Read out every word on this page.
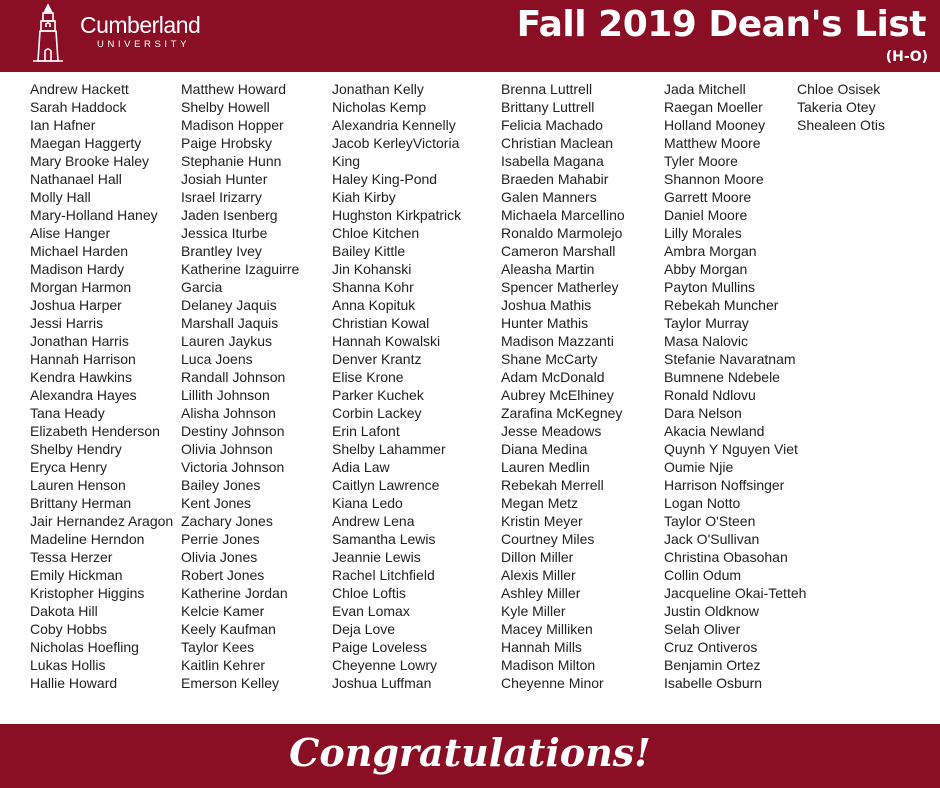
Cumberland
UNIVERSITY	Fall 2019 Dean's List
(H-O)
Andrew Hackett
Sarah Haddock
Ian Hafner
Maegan Haggerty
Mary Brooke Haley
Nathanael Hall
Molly Hall
Mary-Holland Haney
Alise Hanger
Michael Harden
Madison Hardy
Morgan Harmon
Joshua Harper
Jessi Harris
Jonathan Harris
Hannah Harrison
Kendra Hawkins
Alexandra Hayes
Tana Heady
Elizabeth Henderson
Shelby Hendry
Eryca Henry
Lauren Henson
Brittany Herman
Jair Hernandez Aragon
Madeline Herndon
Tessa Herzer
Emily Hickman
Kristopher Higgins
Dakota Hill
Coby Hobbs
Nicholas Hoefling
Lukas Hollis
Hallie Howard
Matthew Howard
Shelby Howell
Madison Hopper
Paige Hrobsky
Stephanie Hunn
Josiah Hunter
Israel Irizarry
Jaden Isenberg
Jessica Iturbe
Brantley Ivey
Katherine Izaguirre
Garcia
Delaney Jaquis
Marshall Jaquis
Lauren Jaykus
Luca Joens
Randall Johnson
Lillith Johnson
Alisha Johnson
Destiny Johnson
Olivia Johnson
Victoria Johnson
Bailey Jones
Kent Jones
Zachary Jones
Perrie Jones
Olivia Jones
Robert Jones
Katherine Jordan
Kelcie Kamer
Keely Kaufman
Taylor Kees
Kaitlin Kehrer
Emerson Kelley
Jonathan Kelly
Nicholas Kemp
Alexandria Kennelly
Jacob KerleyVictoria
King
Haley King-Pond
Kiah Kirby
Hughston Kirkpatrick
Chloe Kitchen
Bailey Kittle
Jin Kohanski
Shanna Kohr
Anna Kopituk
Christian Kowal
Hannah Kowalski
Denver Krantz
Elise Krone
Parker Kuchek
Corbin Lackey
Erin Lafont
Shelby Lahammer
Adia Law
Caitlyn Lawrence
Kiana Ledo
Andrew Lena
Samantha Lewis
Jeannie Lewis
Rachel Litchfield
Chloe Loftis
Evan Lomax
Deja Love
Paige Loveless
Cheyenne Lowry
Joshua Luffman
Brenna Luttrell
Brittany Luttrell
Felicia Machado
Christian Maclean
Isabella Magana
Braeden Mahabir
Galen Manners
Michaela Marcellino
Ronaldo Marmolejo
Cameron Marshall
Aleasha Martin
Spencer Matherley
Joshua Mathis
Hunter Mathis
Madison Mazzanti
Shane McCarty
Adam McDonald
Aubrey McElhiney
Zarafina McKegney
Jesse Meadows
Diana Medina
Lauren Medlin
Rebekah Merrell
Megan Metz
Kristin Meyer
Courtney Miles
Dillon Miller
Alexis Miller
Ashley Miller
Kyle Miller
Macey Milliken
Hannah Mills
Madison Milton
Cheyenne Minor
Jada Mitchell
Raegan Moeller
Holland Mooney
Matthew Moore
Tyler Moore
Shannon Moore
Garrett Moore
Daniel Moore
Lilly Morales
Ambra Morgan
Abby Morgan
Payton Mullins
Rebekah Muncher
Taylor Murray
Masa Nalovic
Stefanie Navaratnam
Bumnene Ndebele
Ronald Ndlovu
Dara Nelson
Akacia Newland
Quynh Y Nguyen Viet
Oumie Njie
Harrison Noffsinger
Logan Notto
Taylor O'Steen
Jack O'Sullivan
Christina Obasohan
Collin Odum
Jacqueline Okai-Tetteh
Justin Oldknow
Selah Oliver
Cruz Ontiveros
Benjamin Ortez
Isabelle Osburn
Chloe Osisek
Takeria Otey
Shealeen Otis
Congratulations!
